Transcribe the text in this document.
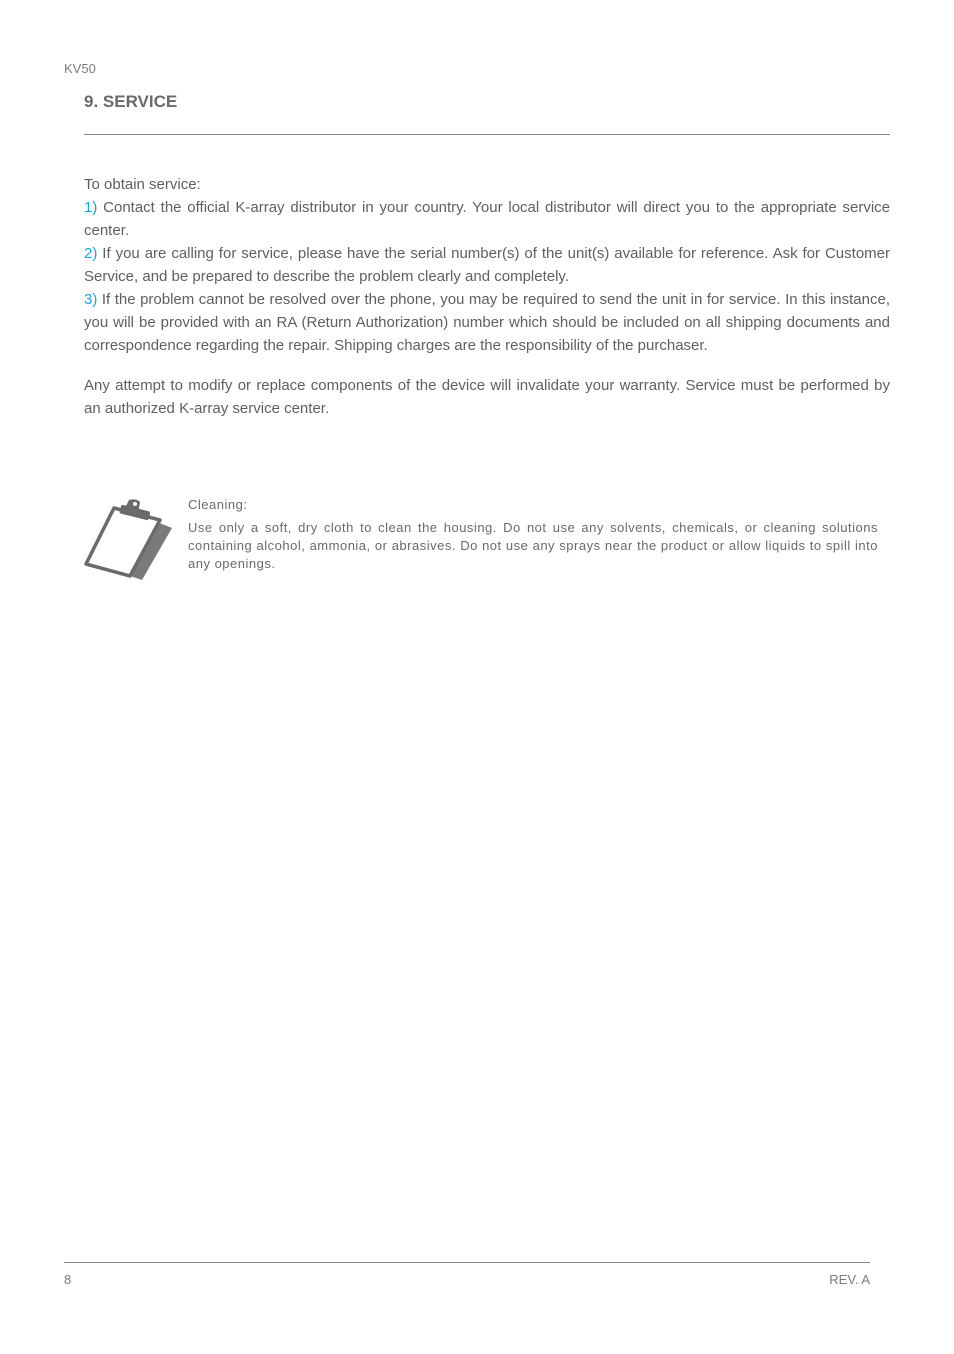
KV50
9. SERVICE

To obtain service:

1) Contact the official K-array distributor in your country. Your local distributor will direct you to the appropriate service center.

2) If you are calling for service, please have the serial number(s) of the unit(s) available for reference. Ask for Customer Service, and be prepared to describe the problem clearly and completely.

3) If the problem cannot be resolved over the phone, you may be required to send the unit in for service. In this instance, you will be provided with an RA (Return Authorization) number which should be included on all shipping documents and correspondence regarding the repair. Shipping charges are the responsibility of the purchaser.

Any attempt to modify or replace components of the device will invalidate your warranty. Service must be performed by an authorized K-array service center.

Cleaning:

Use only a soft, dry cloth to clean the housing. Do not use any solvents, chemicals, or cleaning solutions containing alcohol, ammonia, or abrasives. Do not use any sprays near the product or allow liquids to spill into any openings.

8	REV. A
